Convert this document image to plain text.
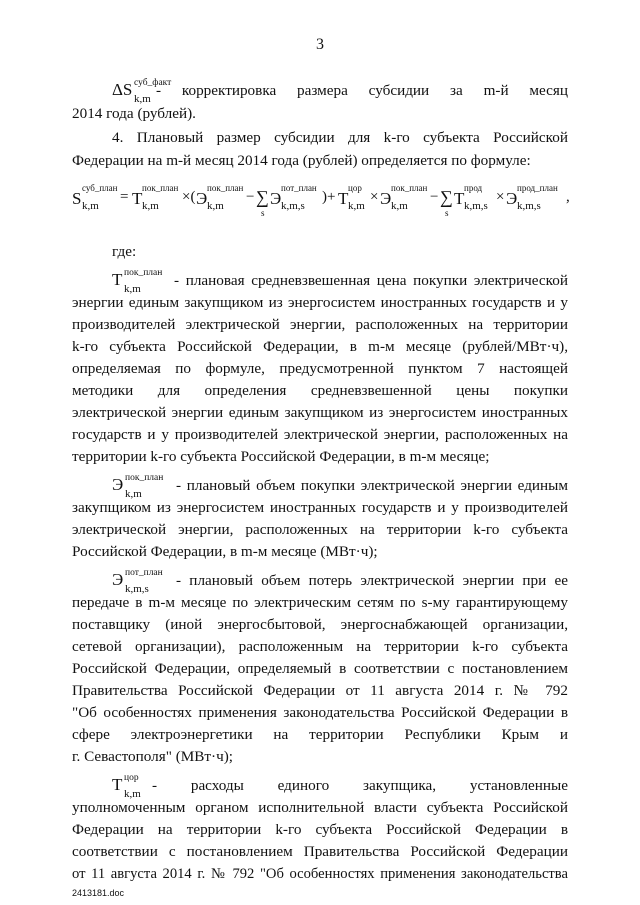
3
ΔS суб_факт
k,m - корректировка размера субсидии за m-й месяц
2014 года (рублей).
4. Плановый размер субсидии для k-го субъекта Российской
Федерации на m-й месяц 2014 года (рублей) определяется по формуле:
S
суб_план
k,m
= T
пок_план
k,m
×( Э
пок_план
k,m
− ∑
s
Э
пот_план
k,m,s
)+ T
цор
k,m
× Э
пок_план
k,m
− ∑
s
T
прод
k,m,s
× Э
прод_план
k,m,s
,
где:
T пок_план
k,m - плановая средневзвешенная цена покупки электрической
энергии единым закупщиком из энергосистем иностранных государств и у
производителей электрической энергии, расположенных на территории
k-го субъекта Российской Федерации, в m-м месяце (рублей/МВт·ч),
определяемая по формуле, предусмотренной пунктом 7 настоящей
методики для определения средневзвешенной цены покупки
электрической энергии единым закупщиком из энергосистем иностранных
государств и у производителей электрической энергии, расположенных на
территории k-го субъекта Российской Федерации, в m-м месяце;
Э пок_план
k,m - плановый объем покупки электрической энергии единым
закупщиком из энергосистем иностранных государств и у производителей
электрической энергии, расположенных на территории k-го субъекта
Российской Федерации, в m-м месяце (МВт·ч);
Э пот_план
k,m,s - плановый объем потерь электрической энергии при ее
передаче в m-м месяце по электрическим сетям по s-му гарантирующему
поставщику (иной энергосбытовой, энергоснабжающей организации,
сетевой организации), расположенным на территории k-го субъекта
Российской Федерации, определяемый в соответствии с постановлением
Правительства Российской Федерации от 11 августа 2014 г. № 792
"Об особенностях применения законодательства Российской Федерации в
сфере электроэнергетики на территории Республики Крым и
г. Севастополя" (МВт·ч);
T цор
k,m - расходы единого закупщика, установленные
уполномоченным органом исполнительной власти субъекта Российской
Федерации на территории k-го субъекта Российской Федерации в
соответствии с постановлением Правительства Российской Федерации
от 11 августа 2014 г. № 792 "Об особенностях применения законодательства
2413181.doc
